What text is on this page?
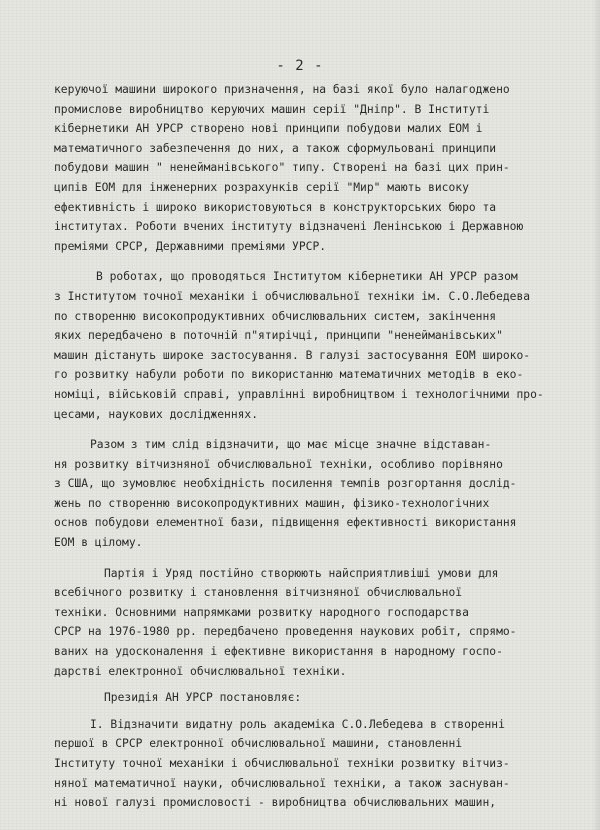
- 2 -
керуючої машини широкого призначення, на базі якої було налагоджено
промислове виробництво керуючих машин серії "Дніпр". В Інституті
кібернетики АН УРСР створено нові принципи побудови малих ЕОМ і
математичного забезпечення до них, а також сформульовані принципи
побудови машин " ненейманівського" типу. Створені на базі цих прин-
ципів ЕОМ для інженерних розрахунків серії "Мир" мають високу
ефективність і широко використовуються в конструкторських бюро та
інститутах. Роботи вчених інституту відзначені Ленінською і Державною
преміями СРСР, Державними преміями УРСР.
В роботах, що проводяться Інститутом кібернетики АН УРСР разом
з Інститутом точної механіки і обчислювальної техніки ім. С.О.Лебедева
по створенню високопродуктивних обчислювальних систем, закінчення
яких передбачено в поточній п"ятирічці, принципи "ненейманівських"
машин дістануть широке застосування. В галузі застосування ЕОМ широко-
го розвитку набули роботи по використанню математичних методів в еко-
номіці, військовій справі, управлінні виробництвом і технологічними про-
цесами, наукових дослідженнях.
Разом з тим слід відзначити, що має місце значне відставан-
ня розвитку вітчизняної обчислювальної техніки, особливо порівняно
з США, що зумовлює необхідність посилення темпів розгортання дослід-
жень по створенню високопродуктивних машин, фізико-технологічних
основ побудови елементної бази, підвищення ефективності використання
ЕОМ в цілому.
Партія і Уряд постійно створюють найсприятливіші умови для
всебічного розвитку і становлення вітчизняної обчислювальної
техніки. Основними напрямками розвитку народного господарства
СРСР на 1976-1980 рр. передбачено проведення наукових робіт, спрямо-
ваних на удосконалення і ефективне використання в народному госпо-
дарстві електронної обчислювальної техніки.
Президія АН УРСР постановляє:
І. Відзначити видатну роль академіка С.О.Лебедева в створенні
першої в СРСР електронної обчислювальної машини, становленні
Інституту точної механіки і обчислювальної техніки розвитку вітчиз-
няної математичної науки, обчислювальної техніки, а також заснуван-
ні нової галузі промисловості - виробництва обчислювальних машин,
